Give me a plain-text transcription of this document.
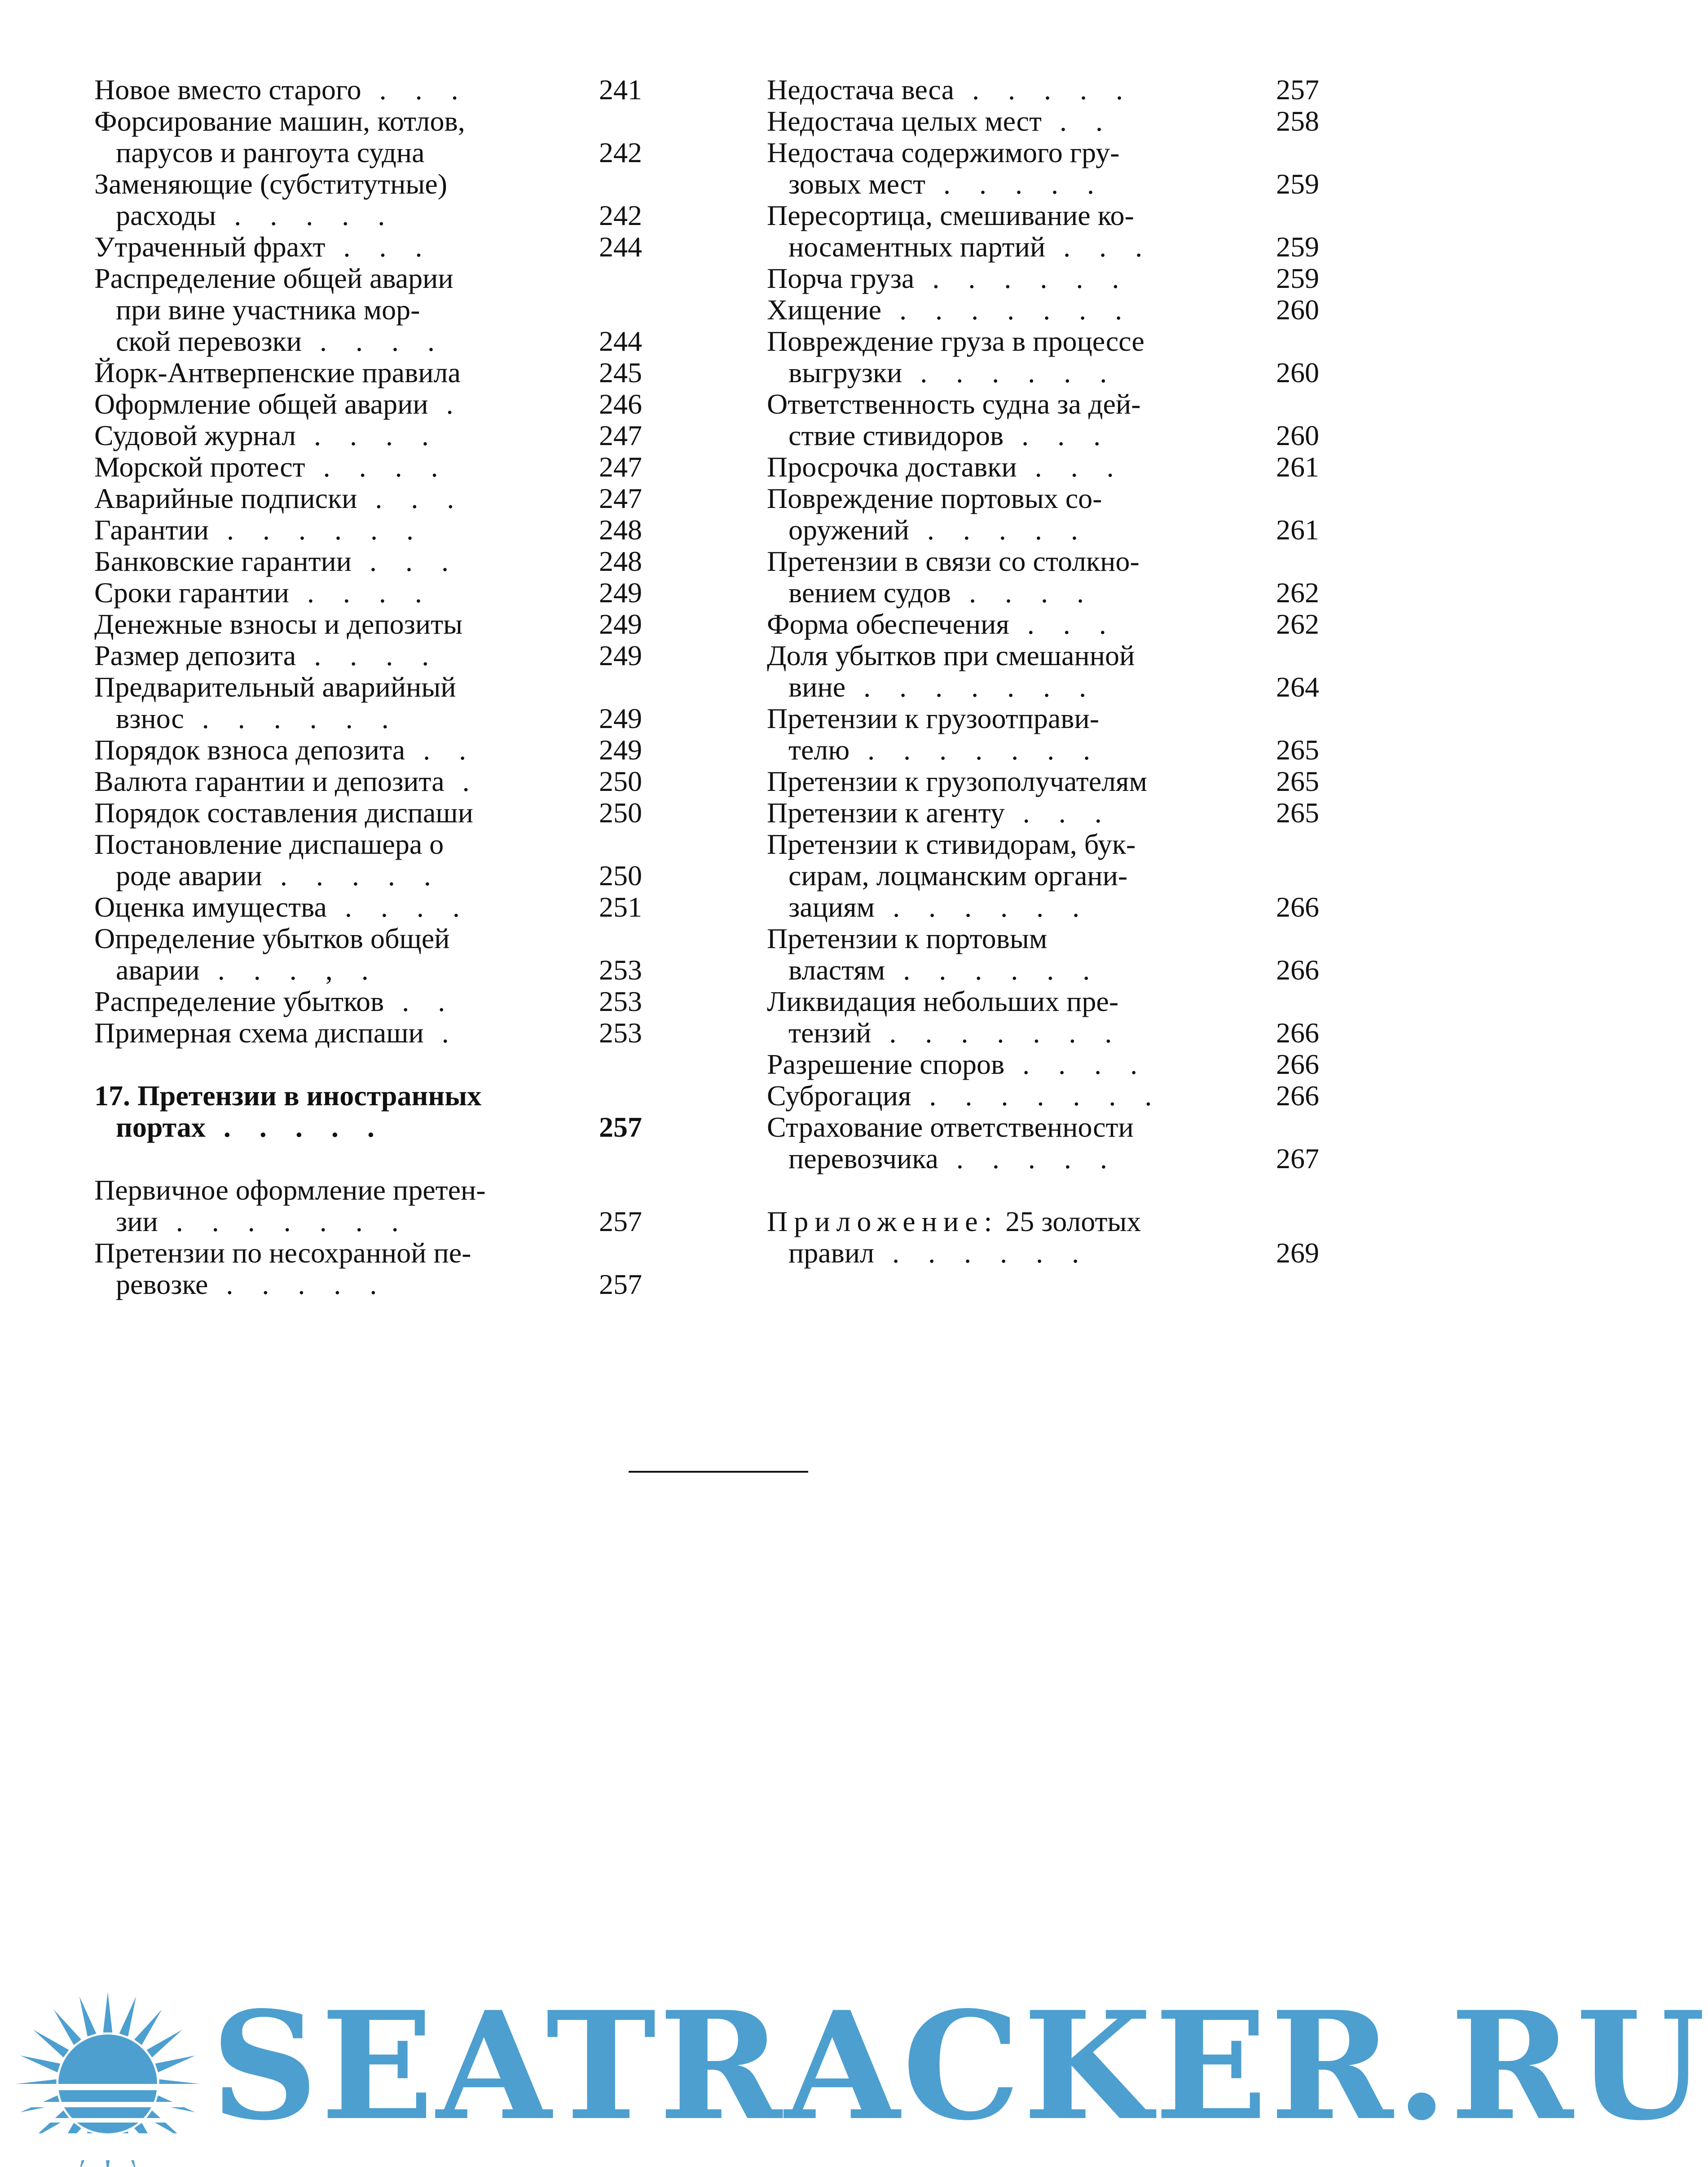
Новое вместо старого . . .	241
Форсирование машин, котлов,
парусов и рангоута судна	242
Заменяющие (субститутные)
расходы . . . . .	242
Утраченный фрахт . . .	244
Распределение общей аварии
при вине участника мор-
ской перевозки . . . .	244
Йорк-Антверпенские правила	245
Оформление общей аварии .	246
Судовой журнал . . . .	247
Морской протест . . . .	247
Аварийные подписки . . .	247
Гарантии . . . . . .	248
Банковские гарантии . . .	248
Сроки гарантии . . . .	249
Денежные взносы и депозиты	249
Размер депозита . . . .	249
Предварительный аварийный
взнос . . . . . .	249
Порядок взноса депозита . .	249
Валюта гарантии и депозита .	250
Порядок составления диспаши	250
Постановление диспашера о
роде аварии . . . . .	250
Оценка имущества . . . .	251
Определение убытков общей
аварии . . . , .	253
Распределение убытков . .	253
Примерная схема диспаши .	253
17. Претензии в иностранных
портах . . . . .	257
Первичное оформление претен-
зии . . . . . . .	257
Претензии по несохранной пе-
ревозке . . . . .	257
Недостача веса . . . . .	257
Недостача целых мест . .	258
Недостача содержимого гру-
зовых мест . . . . .	259
Пересортица, смешивание ко-
носаментных партий . . .	259
Порча груза . . . . . .	259
Хищение . . . . . . .	260
Повреждение груза в процессе
выгрузки . . . . . .	260
Ответственность судна за дей-
ствие стивидоров . . .	260
Просрочка доставки . . .	261
Повреждение портовых со-
оружений . . . . .	261
Претензии в связи со столкно-
вением судов . . . .	262
Форма обеспечения . . .	262
Доля убытков при смешанной
вине . . . . . . .	264
Претензии к грузоотправи-
телю . . . . . . .	265
Претензии к грузополучателям	265
Претензии к агенту . . .	265
Претензии к стивидорам, бук-
сирам, лоцманским органи-
зациям . . . . . .	266
Претензии к портовым
властям . . . . . .	266
Ликвидация небольших пре-
тензий . . . . . . .	266
Разрешение споров . . . .	266
Суброгация . . . . . . .	266
Страхование ответственности
перевозчика . . . . .	267
Приложение: 25 золотых
правил . . . . . .	269
SEATRACKER.RU
